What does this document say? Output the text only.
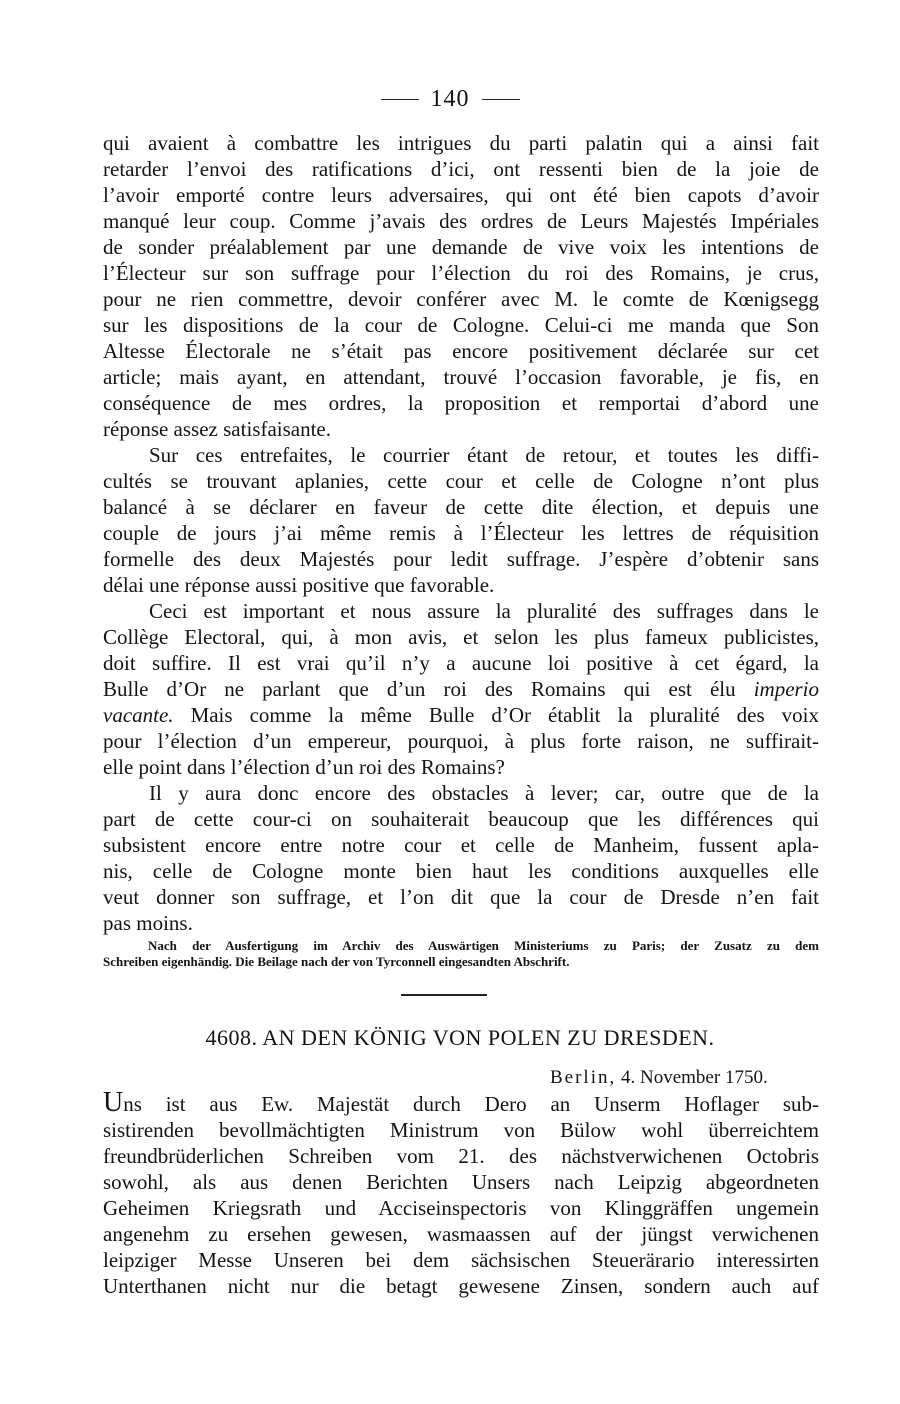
140

qui avaient à combattre les intrigues du parti palatin qui a ainsi fait

retarder l’envoi des ratifications d’ici, ont ressenti bien de la joie de

l’avoir emporté contre leurs adversaires, qui ont été bien capots d’avoir

manqué leur coup. Comme j’avais des ordres de Leurs Majestés Impériales

de sonder préalablement par une demande de vive voix les intentions de

l’Électeur sur son suffrage pour l’élection du roi des Romains, je crus,

pour ne rien commettre, devoir conférer avec M. le comte de Kœnigsegg

sur les dispositions de la cour de Cologne. Celui-ci me manda que Son

Altesse Électorale ne s’était pas encore positivement déclarée sur cet

article; mais ayant, en attendant, trouvé l’occasion favorable, je fis, en

conséquence de mes ordres, la proposition et remportai d’abord une

réponse assez satisfaisante.

Sur ces entrefaites, le courrier étant de retour, et toutes les diffi-

cultés se trouvant aplanies, cette cour et celle de Cologne n’ont plus

balancé à se déclarer en faveur de cette dite élection, et depuis une

couple de jours j’ai même remis à l’Électeur les lettres de réquisition

formelle des deux Majestés pour ledit suffrage. J’espère d’obtenir sans

délai une réponse aussi positive que favorable.

Ceci est important et nous assure la pluralité des suffrages dans le

Collège Electoral, qui, à mon avis, et selon les plus fameux publicistes,

doit suffire. Il est vrai qu’il n’y a aucune loi positive à cet égard, la

Bulle d’Or ne parlant que d’un roi des Romains qui est élu imperio

vacante. Mais comme la même Bulle d’Or établit la pluralité des voix

pour l’élection d’un empereur, pourquoi, à plus forte raison, ne suffirait-

elle point dans l’élection d’un roi des Romains?

Il y aura donc encore des obstacles à lever; car, outre que de la

part de cette cour-ci on souhaiterait beaucoup que les différences qui

subsistent encore entre notre cour et celle de Manheim, fussent apla-

nis, celle de Cologne monte bien haut les conditions auxquelles elle

veut donner son suffrage, et l’on dit que la cour de Dresde n’en fait

pas moins.

Nach der Ausfertigung im Archiv des Auswärtigen Ministeriums zu Paris; der Zusatz zu dem
Schreiben eigenhändig. Die Beilage nach der von Tyrconnell eingesandten Abschrift.
4608. AN DEN KÖNIG VON POLEN ZU DRESDEN.
Berlin, 4. November 1750.

Uns ist aus Ew. Majestät durch Dero an Unserm Hoflager sub-

sistirenden bevollmächtigten Ministrum von Bülow wohl überreichtem

freundbrüderlichen Schreiben vom 21. des nächstverwichenen Octobris

sowohl, als aus denen Berichten Unsers nach Leipzig abgeordneten

Geheimen Kriegsrath und Acciseinspectoris von Klinggräffen ungemein

angenehm zu ersehen gewesen, wasmaassen auf der jüngst verwichenen

leipziger Messe Unseren bei dem sächsischen Steuerärario interessirten

Unterthanen nicht nur die betagt gewesene Zinsen, sondern auch auf
